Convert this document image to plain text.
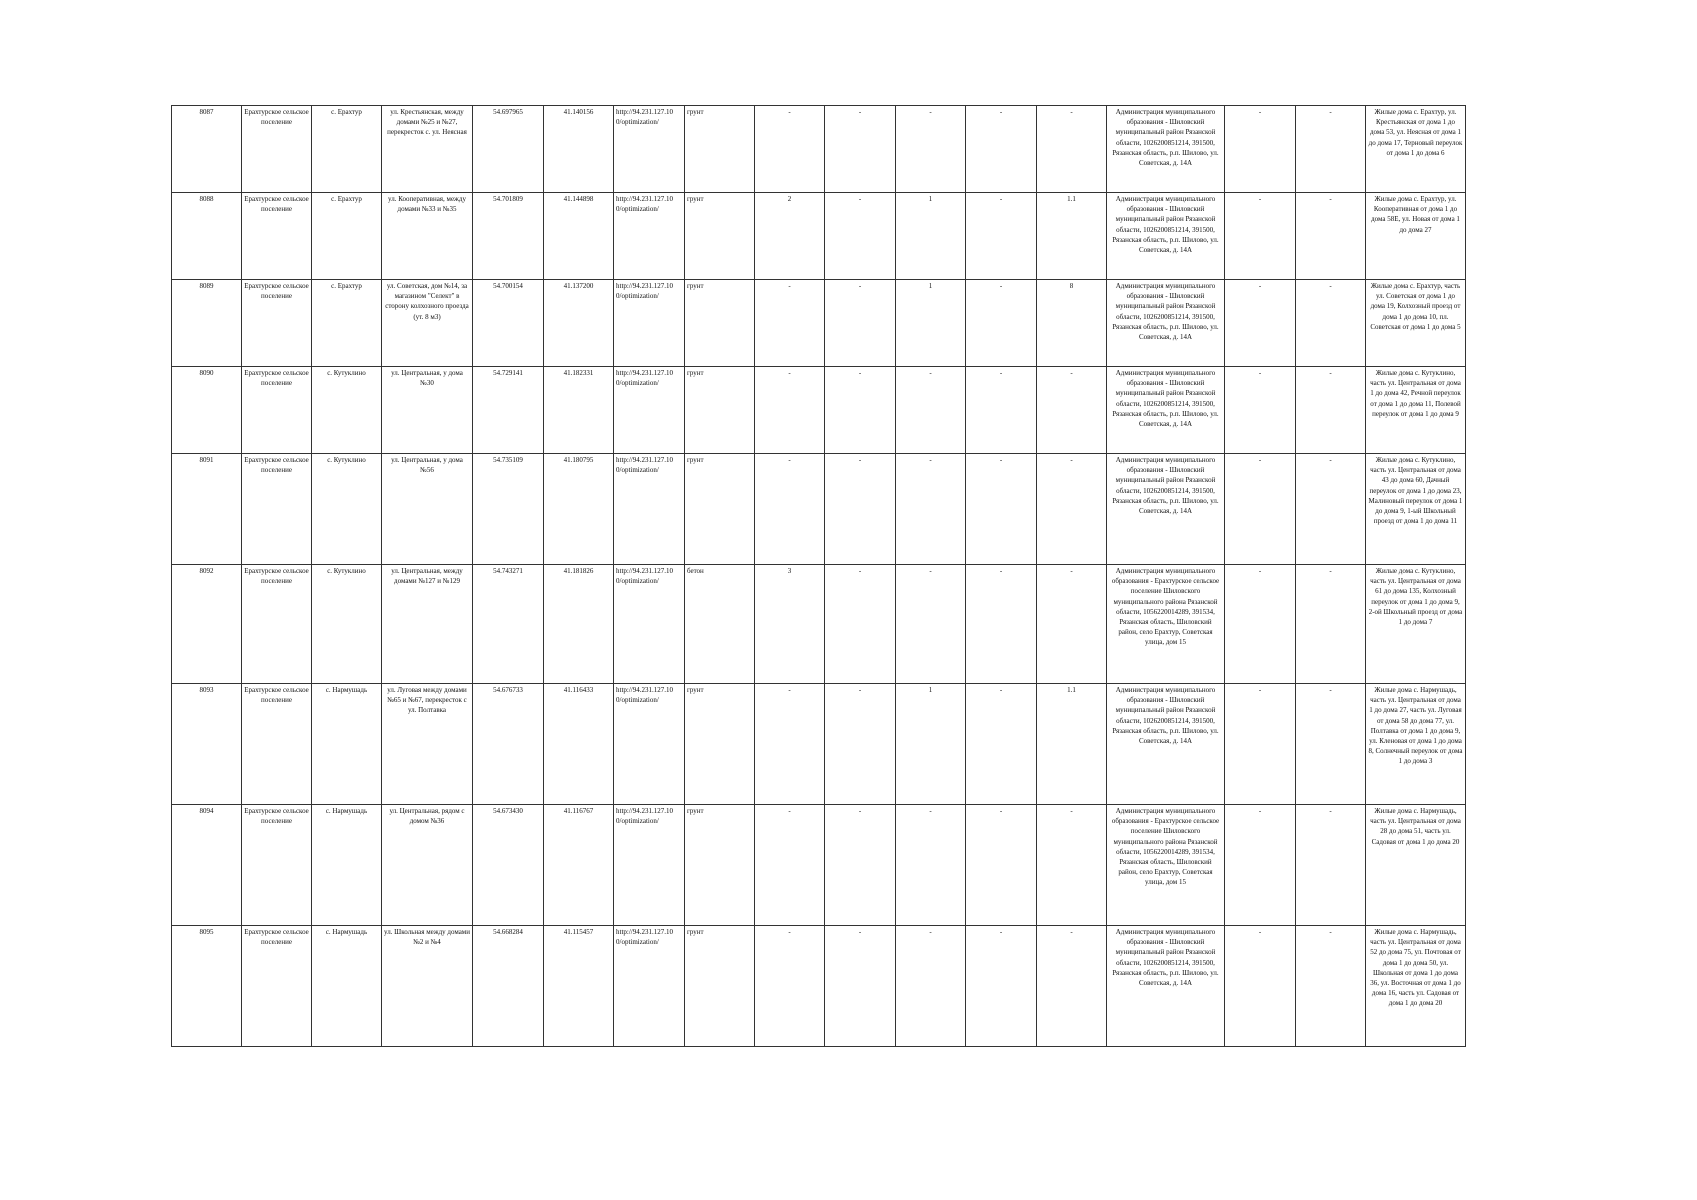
8087	Ерахтурское сельское поселение	с. Ерахтур	ул. Крестьянская, между домами №25 и №27, перекресток с. ул. Неясная	54.697965	41.140156	http://94.231.127.10 0/optimization/	грунт	-	-	-	-	-	Администрация муниципального образования - Шиловский муниципальный район Рязанской области, 1026200851214, 391500, Рязанская область, р.п. Шилово, ул. Советская, д. 14А	-	-	Жилые дома с. Ерахтур, ул. Крестьянская от дома 1 до дома 53, ул. Неясная от дома 1 до дома 17, Терновый переулок от дома 1 до дома 6
8088	Ерахтурское сельское поселение	с. Ерахтур	ул. Кооперативная, между домами №33 и №35	54.701809	41.144898	http://94.231.127.10 0/optimization/	грунт	2	-	1	-	1.1	Администрация муниципального образования - Шиловский муниципальный район Рязанской области, 1026200851214, 391500, Рязанская область, р.п. Шилово, ул. Советская, д. 14А	-	-	Жилые дома с. Ерахтур, ул. Кооперативная от дома 1 до дома 58Е, ул. Новая от дома 1 до дома 27
8089	Ерахтурское сельское поселение	с. Ерахтур	ул. Советская, дом №14, за магазином "Селект" в сторону колхозного проезда (ут. 8 м3)	54.700154	41.137200	http://94.231.127.10 0/optimization/	грунт	-	-	1	-	8	Администрация муниципального образования - Шиловский муниципальный район Рязанской области, 1026200851214, 391500, Рязанская область, р.п. Шилово, ул. Советская, д. 14А	-	-	Жилые дома с. Ерахтур, часть ул. Советская от дома 1 до дома 19, Колхозный проезд от дома 1 до дома 10, пл. Советская от дома 1 до дома 5
8090	Ерахтурское сельское поселение	с. Кутуклино	ул. Центральная, у дома №30	54.729141	41.182331	http://94.231.127.10 0/optimization/	грунт	-	-	-	-	-	Администрация муниципального образования - Шиловский муниципальный район Рязанской области, 1026200851214, 391500, Рязанская область, р.п. Шилово, ул. Советская, д. 14А	-	-	Жилые дома с. Кутуклино, часть ул. Центральная от дома 1 до дома 42, Речной переулок от дома 1 до дома 11, Полевой переулок от дома 1 до дома 9
8091	Ерахтурское сельское поселение	с. Кутуклино	ул. Центральная, у дома №56	54.735109	41.180795	http://94.231.127.10 0/optimization/	грунт	-	-	-	-	-	Администрация муниципального образования - Шиловский муниципальный район Рязанской области, 1026200851214, 391500, Рязанская область, р.п. Шилово, ул. Советская, д. 14А	-	-	Жилые дома с. Кутуклино, часть ул. Центральная от дома 43 до дома 60, Дачный переулок от дома 1 до дома 23, Малиновый переулок от дома 1 до дома 9, 1-ый Школьный проезд от дома 1 до дома 11
8092	Ерахтурское сельское поселение	с. Кутуклино	ул. Центральная, между домами №127 и №129	54.743271	41.181826	http://94.231.127.10 0/optimization/	бетон	3	-	-	-	-	Администрация муниципального образования - Ерахтурское сельское поселение Шиловского муниципального района Рязанской области, 1056220014289, 391534, Рязанская область, Шиловский район, село Ерахтур, Советская улица, дом 15	-	-	Жилые дома с. Кутуклино, часть ул. Центральная от дома 61 до дома 135, Колхозный переулок от дома 1 до дома 9, 2-ой Школьный проезд от дома 1 до дома 7
8093	Ерахтурское сельское поселение	с. Нармушадь	ул. Луговая между домами №65 и №67, перекресток с ул. Полтавка	54.676733	41.116433	http://94.231.127.10 0/optimization/	грунт	-	-	1	-	1.1	Администрация муниципального образования - Шиловский муниципальный район Рязанской области, 1026200851214, 391500, Рязанская область, р.п. Шилово, ул. Советская, д. 14А	-	-	Жилые дома с. Нармушадь, часть ул. Центральная от дома 1 до дома 27, часть ул. Луговая от дома 58 до дома 77, ул. Полтавка от дома 1 до дома 9, ул. Кленовая от дома 1 до дома 8, Солнечный переулок от дома 1 до дома 3
8094	Ерахтурское сельское поселение	с. Нармушадь	ул. Центральная, рядом с домом №36	54.673430	41.116767	http://94.231.127.10 0/optimization/	грунт	-	-	-	-	-	Администрация муниципального образования - Ерахтурское сельское поселение Шиловского муниципального района Рязанской области, 1056220014289, 391534, Рязанская область, Шиловский район, село Ерахтур, Советская улица, дом 15	-	-	Жилые дома с. Нармушадь, часть ул. Центральная от дома 28 до дома 51, часть ул. Садовая от дома 1 до дома 20
8095	Ерахтурское сельское поселение	с. Нармушадь	ул. Школьная между домами №2 и №4	54.668284	41.115457	http://94.231.127.10 0/optimization/	грунт	-	-	-	-	-	Администрация муниципального образования - Шиловский муниципальный район Рязанской области, 1026200851214, 391500, Рязанская область, р.п. Шилово, ул. Советская, д. 14А	-	-	Жилые дома с. Нармушадь, часть ул. Центральная от дома 52 до дома 75, ул. Почтовая от дома 1 до дома 50, ул. Школьная от дома 1 до дома 36, ул. Восточная от дома 1 до дома 16, часть ул. Садовая от дома 1 до дома 20
